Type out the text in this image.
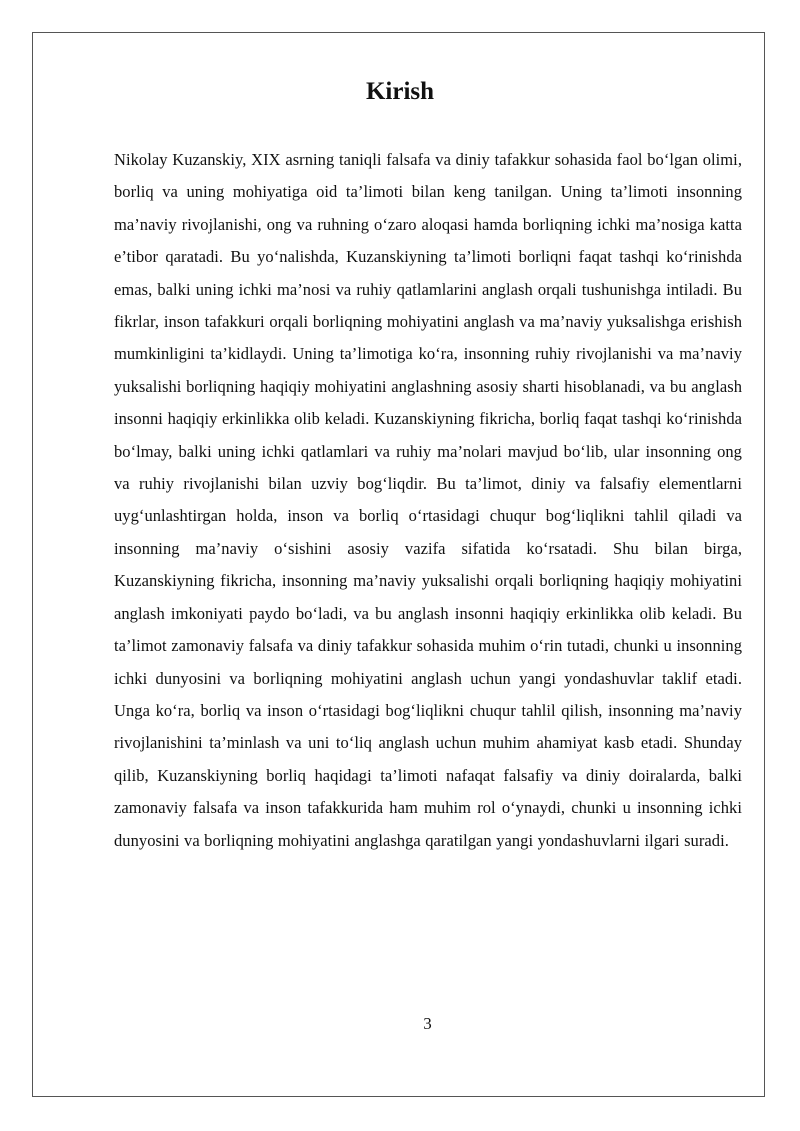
Kirish

Nikolay Kuzanskiy, XIX asrning taniqli falsafa va diniy tafakkur sohasida faol bo‘lgan olimi, borliq va uning mohiyatiga oid ta’limoti bilan keng tanilgan. Uning ta’limoti insonning ma’naviy rivojlanishi, ong va ruhning o‘zaro aloqasi hamda borliqning ichki ma’nosiga katta e’tibor qaratadi. Bu yo‘nalishda, Kuzanskiyning ta’limoti borliqni faqat tashqi ko‘rinishda emas, balki uning ichki ma’nosi va ruhiy qatlamlarini anglash orqali tushunishga intiladi. Bu fikrlar, inson tafakkuri orqali borliqning mohiyatini anglash va ma’naviy yuksalishga erishish mumkinligini ta’kidlaydi. Uning ta’limotiga ko‘ra, insonning ruhiy rivojlanishi va ma’naviy yuksalishi borliqning haqiqiy mohiyatini anglashning asosiy sharti hisoblanadi, va bu anglash insonni haqiqiy erkinlikka olib keladi. Kuzanskiyning fikricha, borliq faqat tashqi ko‘rinishda bo‘lmay, balki uning ichki qatlamlari va ruhiy ma’nolari mavjud bo‘lib, ular insonning ong va ruhiy rivojlanishi bilan uzviy bog‘liqdir. Bu ta’limot, diniy va falsafiy elementlarni uyg‘unlashtirgan holda, inson va borliq o‘rtasidagi chuqur bog‘liqlikni tahlil qiladi va insonning ma’naviy o‘sishini asosiy vazifa sifatida ko‘rsatadi. Shu bilan birga, Kuzanskiyning fikricha, insonning ma’naviy yuksalishi orqali borliqning haqiqiy mohiyatini anglash imkoniyati paydo bo‘ladi, va bu anglash insonni haqiqiy erkinlikka olib keladi. Bu ta’limot zamonaviy falsafa va diniy tafakkur sohasida muhim o‘rin tutadi, chunki u insonning ichki dunyosini va borliqning mohiyatini anglash uchun yangi yondashuvlar taklif etadi. Unga ko‘ra, borliq va inson o‘rtasidagi bog‘liqlikni chuqur tahlil qilish, insonning ma’naviy rivojlanishini ta’minlash va uni to‘liq anglash uchun muhim ahamiyat kasb etadi. Shunday qilib, Kuzanskiyning borliq haqidagi ta’limoti nafaqat falsafiy va diniy doiralarda, balki zamonaviy falsafa va inson tafakkurida ham muhim rol o‘ynaydi, chunki u insonning ichki dunyosini va borliqning mohiyatini anglashga qaratilgan yangi yondashuvlarni ilgari suradi.

3
